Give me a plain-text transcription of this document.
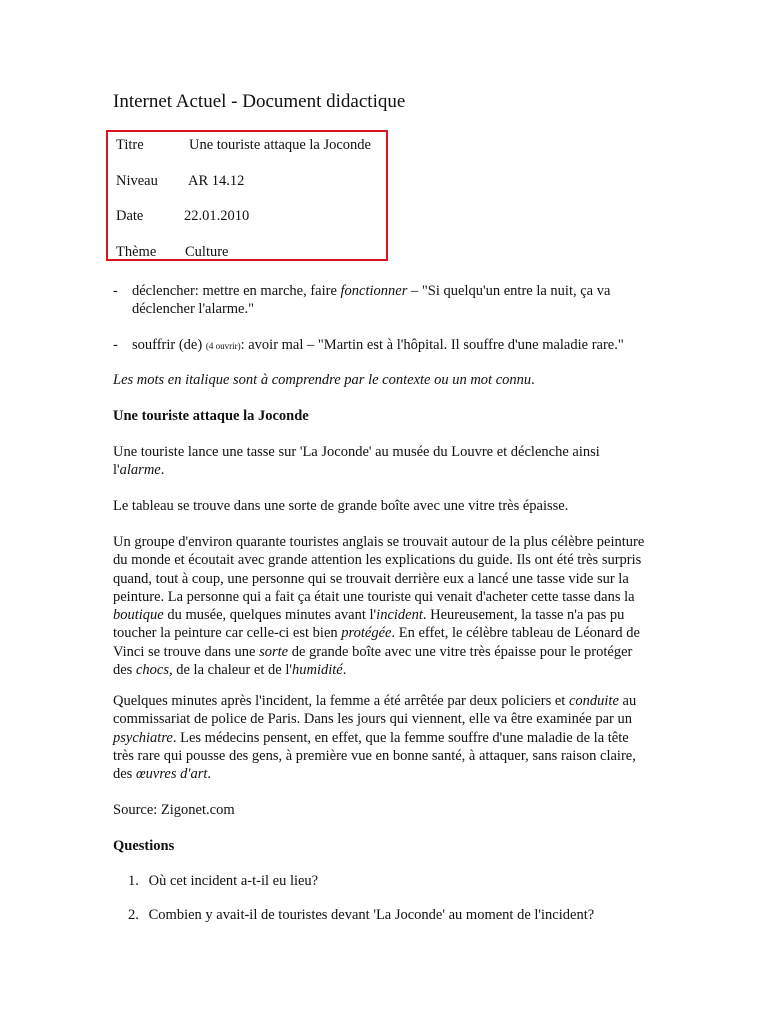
Internet Actuel - Document didactique
Titre	Une touriste attaque la Joconde
Niveau AR 14.12
Date	22.01.2010
Thème Culture
- déclencher: mettre en marche, faire fonctionner – "Si quelqu'un entre la nuit, ça va déclencher l'alarme."
- souffrir (de) (4 ouvrir): avoir mal – "Martin est à l'hôpital. Il souffre d'une maladie rare."

Les mots en italique sont à comprendre par le contexte ou un mot connu.

Une touriste attaque la Joconde

Une touriste lance une tasse sur 'La Joconde' au musée du Louvre et déclenche ainsi l'alarme.

Le tableau se trouve dans une sorte de grande boîte avec une vitre très épaisse.

Un groupe d'environ quarante touristes anglais se trouvait autour de la plus célèbre peinture du monde et écoutait avec grande attention les explications du guide. Ils ont été très surpris quand, tout à coup, une personne qui se trouvait derrière eux a lancé une tasse vide sur la peinture. La personne qui a fait ça était une touriste qui venait d'acheter cette tasse dans la boutique du musée, quelques minutes avant l'incident. Heureusement, la tasse n'a pas pu toucher la peinture car celle-ci est bien protégée. En effet, le célèbre tableau de Léonard de Vinci se trouve dans une sorte de grande boîte avec une vitre très épaisse pour le protéger des chocs, de la chaleur et de l'humidité.

Quelques minutes après l'incident, la femme a été arrêtée par deux policiers et conduite au commissariat de police de Paris. Dans les jours qui viennent, elle va être examinée par un psychiatre. Les médecins pensent, en effet, que la femme souffre d'une maladie de la tête très rare qui pousse des gens, à première vue en bonne santé, à attaquer, sans raison claire, des œuvres d'art.

Source: Zigonet.com

Questions

1. Où cet incident a-t-il eu lieu?
2. Combien y avait-il de touristes devant 'La Joconde' au moment de l'incident?
